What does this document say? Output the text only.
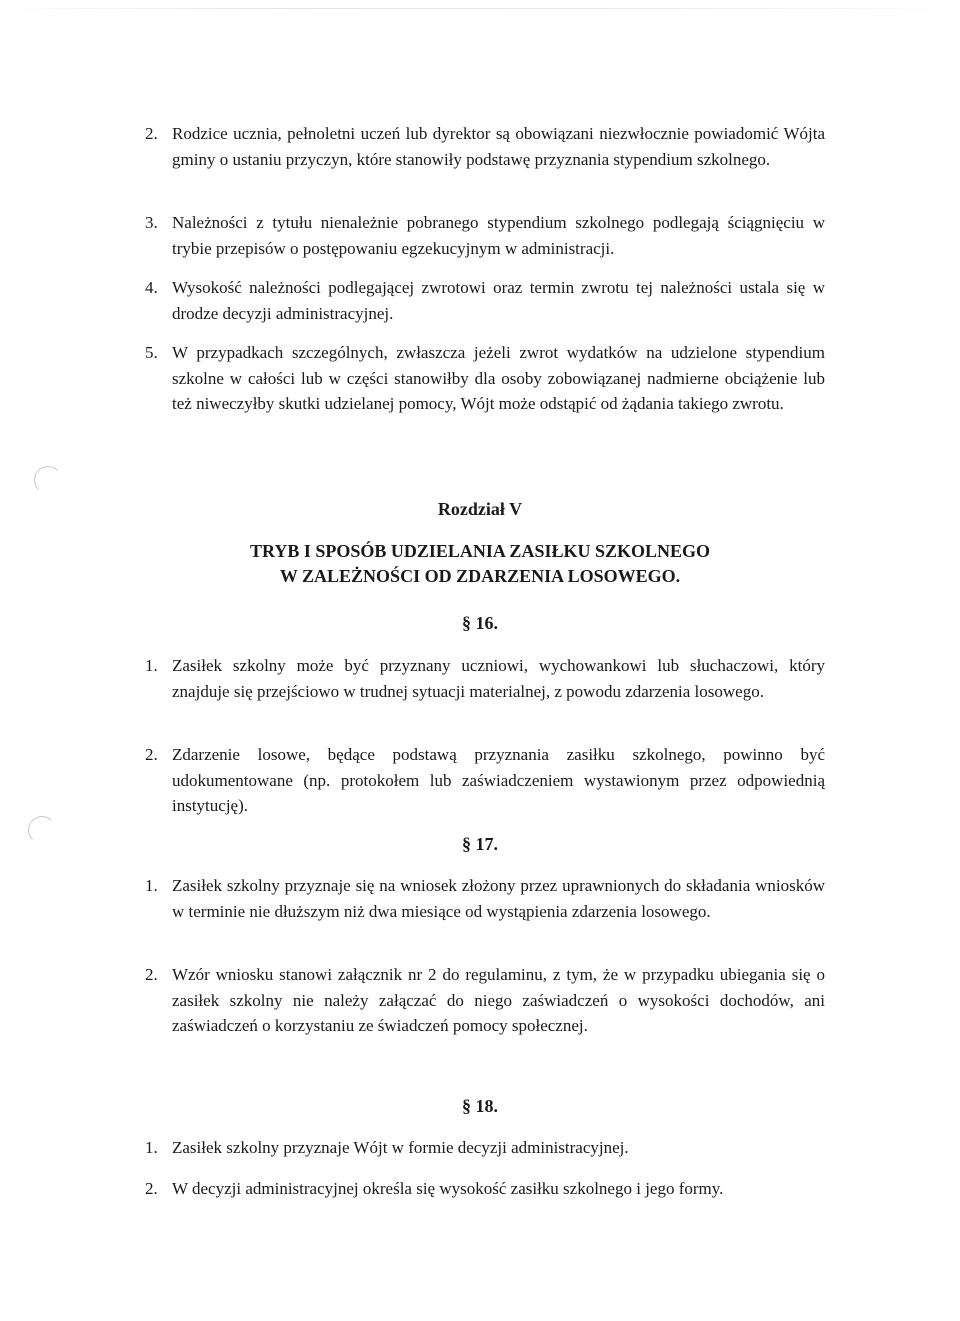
2. Rodzice ucznia, pełnoletni uczeń lub dyrektor są obowiązani niezwłocznie powiadomić Wójta gminy o ustaniu przyczyn, które stanowiły podstawę przyznania stypendium szkolnego.
3. Należności z tytułu nienależnie pobranego stypendium szkolnego podlegają ściągnięciu w trybie przepisów o postępowaniu egzekucyjnym w administracji.
4. Wysokość należności podlegającej zwrotowi oraz termin zwrotu tej należności ustala się w drodze decyzji administracyjnej.
5. W przypadkach szczególnych, zwłaszcza jeżeli zwrot wydatków na udzielone stypendium szkolne w całości lub w części stanowiłby dla osoby zobowiązanej nadmierne obciążenie lub też niweczyłby skutki udzielanej pomocy, Wójt może odstąpić od żądania takiego zwrotu.
Rozdział V
TRYB I SPOSÓB UDZIELANIA ZASIŁKU SZKOLNEGO
W ZALEŻNOŚCI OD ZDARZENIA LOSOWEGO.
§ 16.
1. Zasiłek szkolny może być przyznany uczniowi, wychowankowi lub słuchaczowi, który znajduje się przejściowo w trudnej sytuacji materialnej, z powodu zdarzenia losowego.
2. Zdarzenie losowe, będące podstawą przyznania zasiłku szkolnego, powinno być udokumentowane (np. protokołem lub zaświadczeniem wystawionym przez odpowiednią instytucję).
§ 17.
1. Zasiłek szkolny przyznaje się na wniosek złożony przez uprawnionych do składania wniosków w terminie nie dłuższym niż dwa miesiące od wystąpienia zdarzenia losowego.
2. Wzór wniosku stanowi załącznik nr 2 do regulaminu, z tym, że w przypadku ubiegania się o zasiłek szkolny nie należy załączać do niego zaświadczeń o wysokości dochodów, ani zaświadczeń o korzystaniu ze świadczeń pomocy społecznej.
§ 18.
1. Zasiłek szkolny przyznaje Wójt w formie decyzji administracyjnej.
2. W decyzji administracyjnej określa się wysokość zasiłku szkolnego i jego formy.
